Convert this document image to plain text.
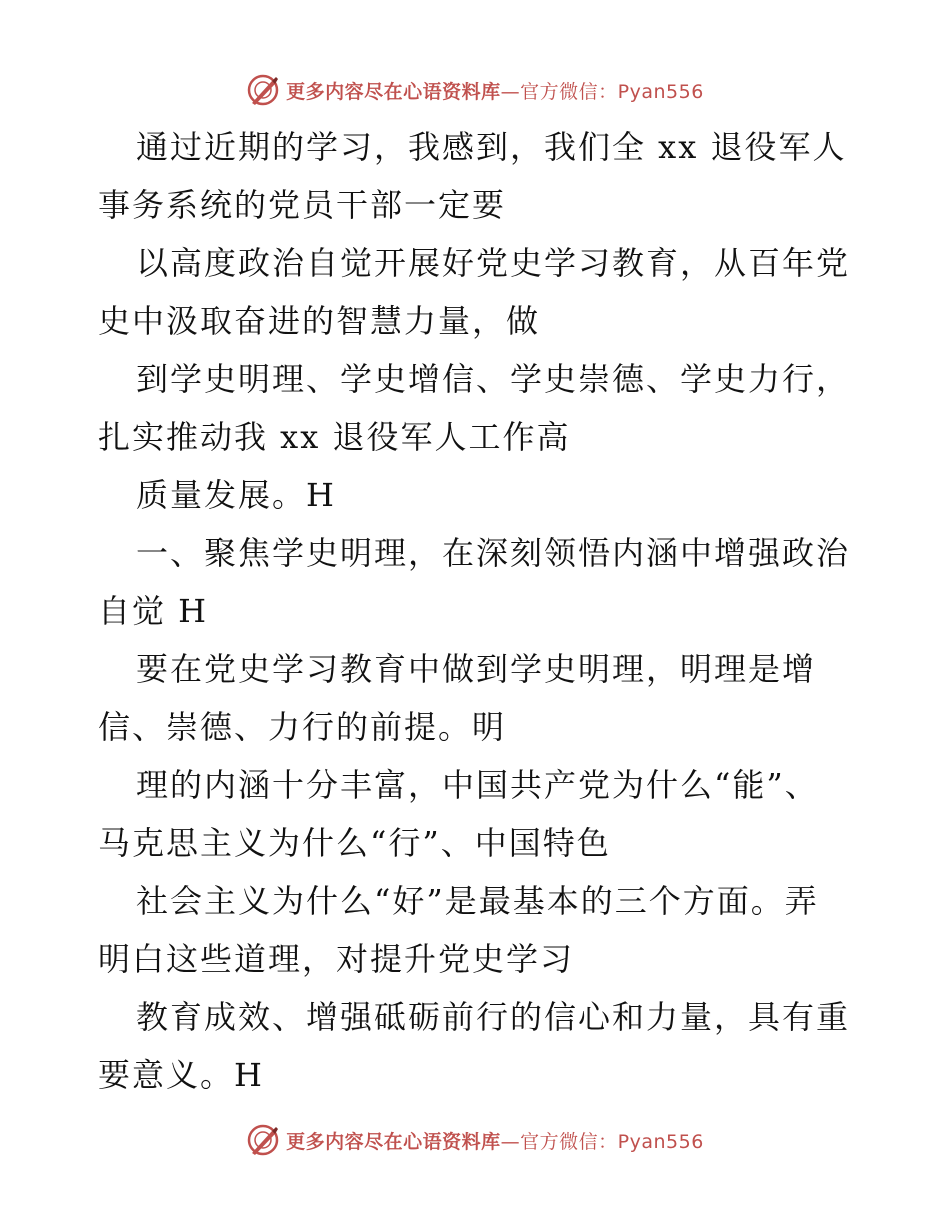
更多内容尽在心语资料库—官方微信：Pyan556
通过近期的学习，我感到，我们全 xx 退役军人
事务系统的党员干部一定要
以高度政治自觉开展好党史学习教育，从百年党
史中汲取奋进的智慧力量，做
到学史明理、学史增信、学史崇德、学史力行，
扎实推动我 xx 退役军人工作高
质量发展。H
一、聚焦学史明理，在深刻领悟内涵中增强政治
自觉 H
要在党史学习教育中做到学史明理，明理是增
信、崇德、力行的前提。明
理的内涵十分丰富，中国共产党为什么“能”、
马克思主义为什么“行”、中国特色
社会主义为什么“好”是最基本的三个方面。弄
明白这些道理，对提升党史学习
教育成效、增强砥砺前行的信心和力量，具有重
要意义。H
更多内容尽在心语资料库—官方微信：Pyan556
